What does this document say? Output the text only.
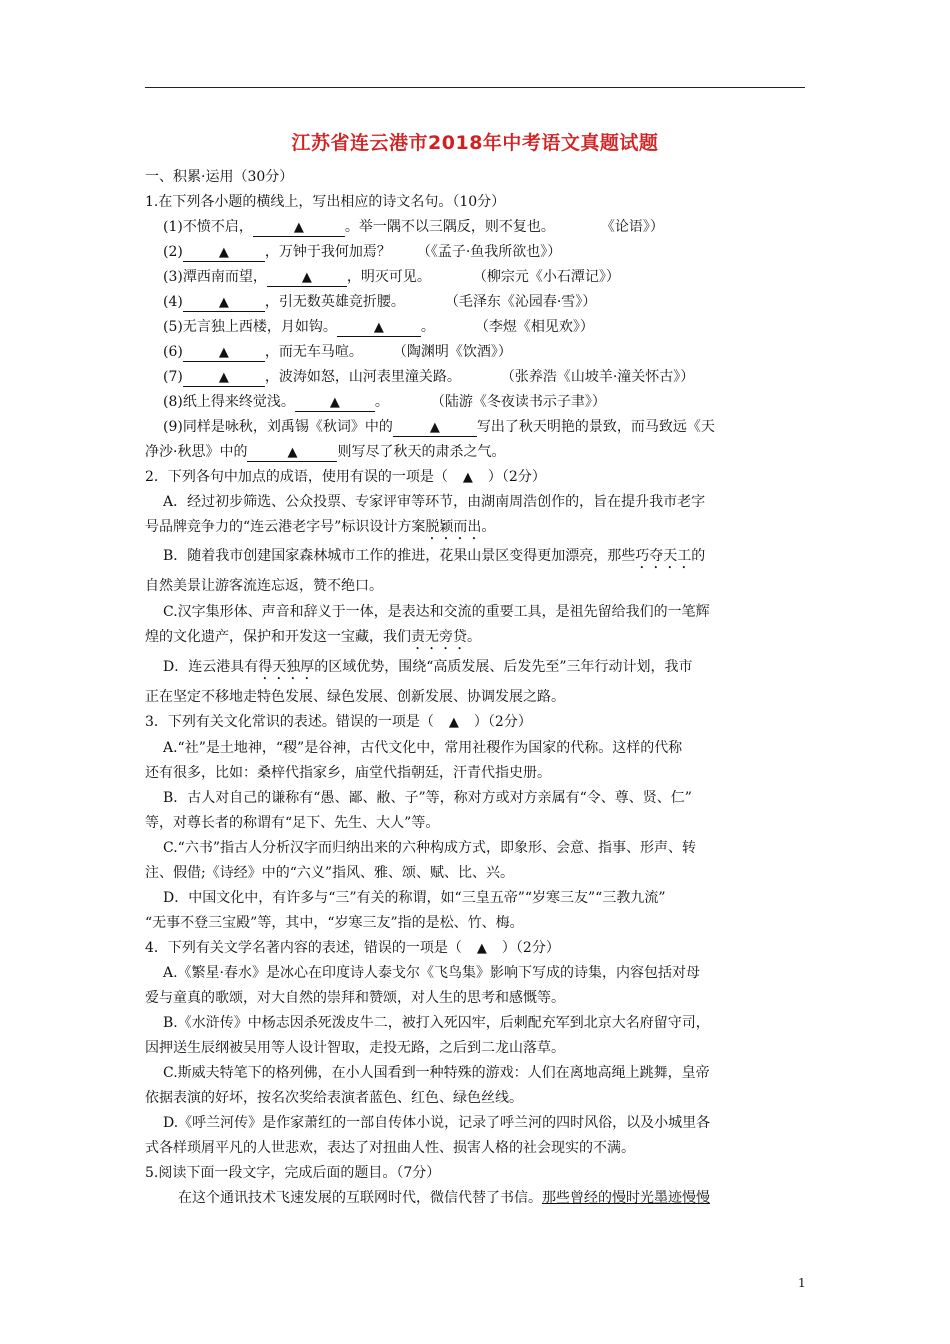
江苏省连云港市2018年中考语文真题试题
一、积累·运用（30分）
1.在下列各小题的横线上，写出相应的诗文名句。（10分）
(1)不愤不启，	▲	。举一隅不以三隅反，则不复也。	《论语》）
(2)	▲	，万钟于我何加焉？ （《孟子·鱼我所欲也》）
(3)潭西南而望，	▲	，明灭可见。	（柳宗元《小石潭记》）
(4)	▲	，引无数英雄竞折腰。	（毛泽东《沁园春·雪》）
(5)无言独上西楼，月如钩。	▲	。	（李煜《相见欢》）
(6)	▲	，而无车马喧。 （陶渊明《饮酒》）
(7)	▲	，波涛如怒，山河表里潼关路。	（张养浩《山坡羊·潼关怀古》）
(8)纸上得来终觉浅。	▲	。	（陆游《冬夜读书示子聿》）
(9)同样是咏秋，刘禹锡《秋词》中的	▲	写出了秋天明艳的景致，而马致远《天
净沙·秋思》中的	▲	则写尽了秋天的肃杀之气。
2．下列各句中加点的成语，使用有误的一项是（ ▲ ）（2分）
A．经过初步筛选、公众投票、专家评审等环节，由湖南周浩创作的，旨在提升我市老字
号品牌竞争力的“连云港老字号”标识设计方案脱颖而出。
B．随着我市创建国家森林城市工作的推进，花果山景区变得更加漂亮，那些巧夺天工的
自然美景让游客流连忘返，赞不绝口。
C.汉字集形体、声音和辞义于一体，是表达和交流的重要工具，是祖先留给我们的一笔辉
煌的文化遗产，保护和开发这一宝藏，我们责无旁贷。
D．连云港具有得天独厚的区域优势，围绕“高质发展、后发先至”三年行动计划，我市
正在坚定不移地走特色发展、绿色发展、创新发展、协调发展之路。
3．下列有关文化常识的表述。错误的一项是（ ▲ ）（2分）
A.“社”是土地神，“稷”是谷神，古代文化中，常用社稷作为国家的代称。这样的代称
还有很多，比如：桑梓代指家乡，庙堂代指朝廷，汗青代指史册。
B．古人对自己的谦称有“愚、鄙、敝、子”等，称对方或对方亲属有“令、尊、贤、仁”
等，对尊长者的称谓有“足下、先生、大人”等。
C.“六书”指古人分析汉字而归纳出来的六种构成方式，即象形、会意、指事、形声、转
注、假借;《诗经》中的“六义”指风、雅、颂、赋、比、兴。
D．中国文化中，有许多与“三”有关的称谓，如“三皇五帝”“岁寒三友”“三教九流”
“无事不登三宝殿”等，其中，“岁寒三友”指的是松、竹、梅。
4．下列有关文学名著内容的表述，错误的一项是（ ▲ ）（2分）
A.《繁星·春水》是冰心在印度诗人泰戈尔《飞鸟集》影响下写成的诗集，内容包括对母
爱与童真的歌颂，对大自然的崇拜和赞颂，对人生的思考和感慨等。
B.《水浒传》中杨志因杀死泼皮牛二，被打入死囚牢，后刺配充军到北京大名府留守司，
因押送生辰纲被吴用等人设计智取，走投无路，之后到二龙山落草。
C.斯威夫特笔下的格列佛，在小人国看到一种特殊的游戏：人们在离地高绳上跳舞，皇帝
依据表演的好坏，按名次奖给表演者蓝色、红色、绿色丝线。
D.《呼兰河传》是作家萧红的一部自传体小说，记录了呼兰河的四时风俗，以及小城里各
式各样琐屑平凡的人世悲欢，表达了对扭曲人性、损害人格的社会现实的不满。
5.阅读下面一段文字，完成后面的题目。（7分）
在这个通讯技术飞速发展的互联网时代，微信代替了书信。那些曾经的慢时光墨迹慢慢
1
